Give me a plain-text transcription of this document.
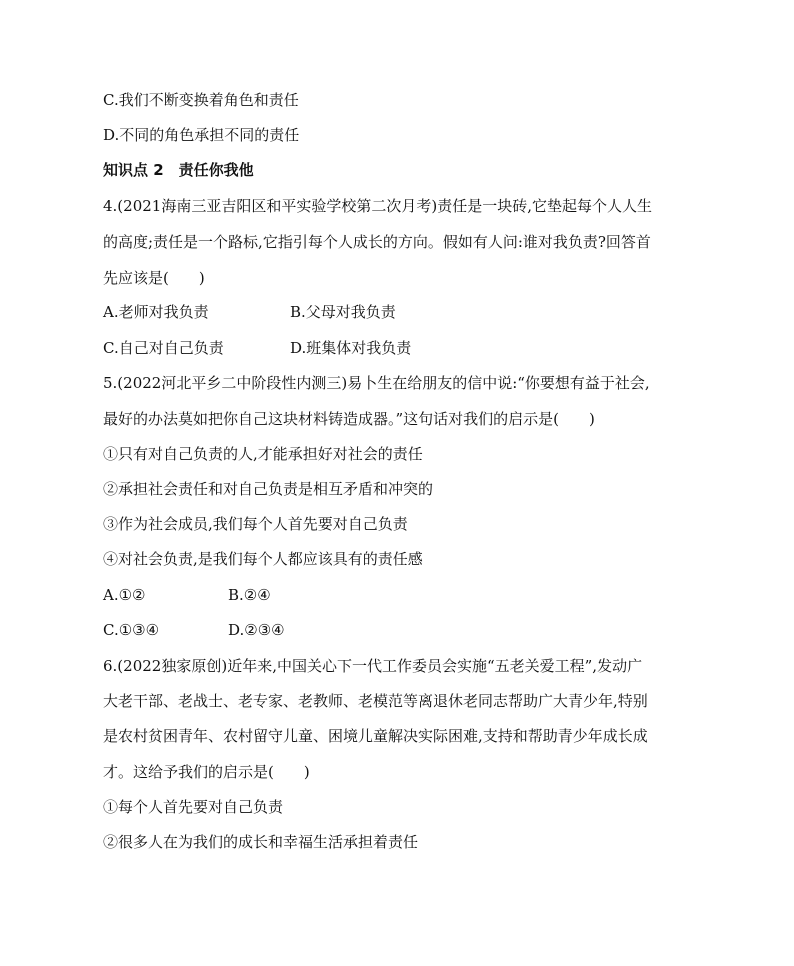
C.我们不断变换着角色和责任
D.不同的角色承担不同的责任
知识点 2　责任你我他
4.(2021海南三亚吉阳区和平实验学校第二次月考)责任是一块砖,它垫起每个人人生
的高度;责任是一个路标,它指引每个人成长的方向。假如有人问:谁对我负责?回答首
先应该是(　　)
A.老师对我负责	B.父母对我负责
C.自己对自己负责	D.班集体对我负责
5.(2022河北平乡二中阶段性内测三)易卜生在给朋友的信中说:“你要想有益于社会,
最好的办法莫如把你自己这块材料铸造成器。”这句话对我们的启示是(　　)
①只有对自己负责的人,才能承担好对社会的责任
②承担社会责任和对自己负责是相互矛盾和冲突的
③作为社会成员,我们每个人首先要对自己负责
④对社会负责,是我们每个人都应该具有的责任感
A.①②	B.②④
C.①③④	D.②③④
6.(2022独家原创)近年来,中国关心下一代工作委员会实施“五老关爱工程”,发动广
大老干部、老战士、老专家、老教师、老模范等离退休老同志帮助广大青少年,特别
是农村贫困青年、农村留守儿童、困境儿童解决实际困难,支持和帮助青少年成长成
才。这给予我们的启示是(　　)
①每个人首先要对自己负责
②很多人在为我们的成长和幸福生活承担着责任
